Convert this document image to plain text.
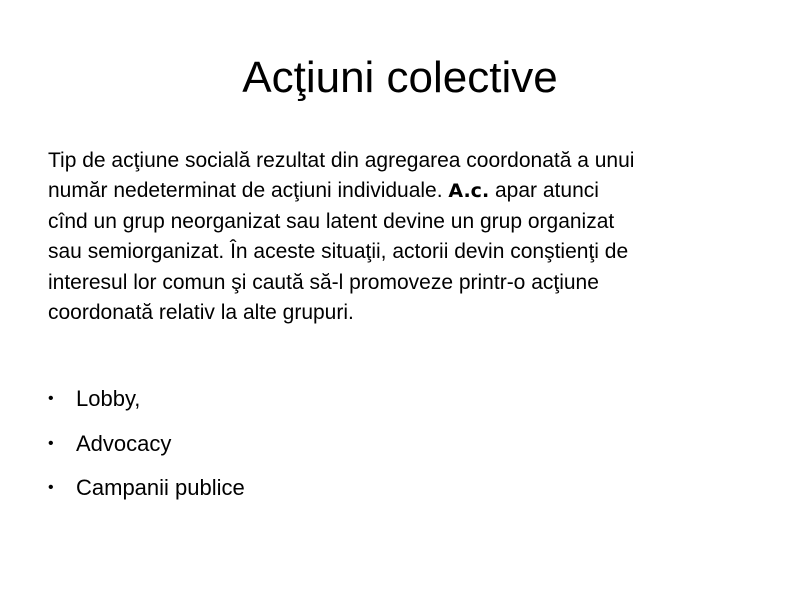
Acţiuni colective

Tip de acţiune socială rezultat din agregarea coordonată a unui
număr nedeterminat de acţiuni individuale. A.c. apar atunci
cînd un grup neorganizat sau latent devine un grup organizat
sau semiorganizat. În aceste situaţii, actorii devin conştienţi de
interesul lor comun şi caută să-l promoveze printr-o acţiune
coordonată relativ la alte grupuri.

• Lobby,
• Advocacy
• Campanii publice
